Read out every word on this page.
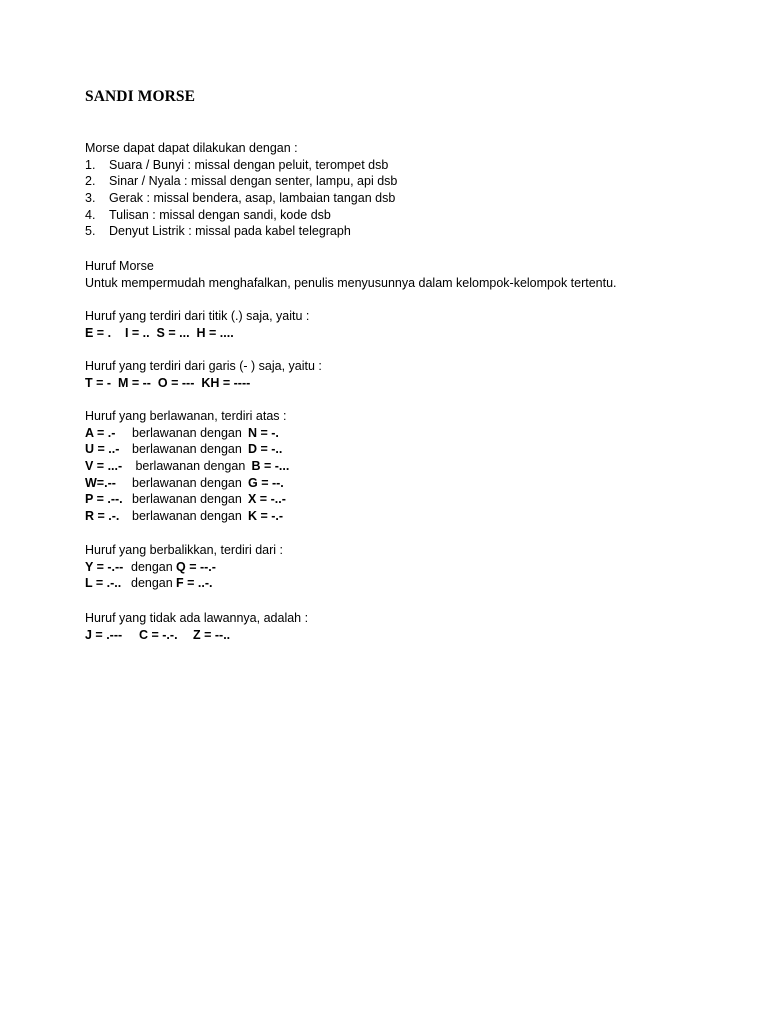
SANDI MORSE
Morse dapat dapat dilakukan dengan :
1.	Suara / Bunyi : missal dengan peluit, terompet dsb
2.	Sinar / Nyala : missal dengan senter, lampu, api dsb
3.	Gerak : missal bendera, asap, lambaian tangan dsb
4.	Tulisan : missal dengan sandi, kode dsb
5.	Denyut Listrik : missal pada kabel telegraph
Huruf Morse
Untuk mempermudah menghafalkan, penulis menyusunnya dalam kelompok-kelompok tertentu.
Huruf yang terdiri dari titik (.) saja, yaitu :
E = .    I = ..  S = ...  H = ....
Huruf yang terdiri dari garis (- ) saja, yaitu :
T = -  M = --  O = ---  KH = ----
Huruf yang berlawanan, terdiri atas :
A = .- berlawanan dengan N = -.
U = ..- berlawanan dengan D = -..
V = ...- berlawanan dengan B = -...
W=.-- berlawanan dengan G = --.
P = .--. berlawanan dengan X = -..-
R = .-. berlawanan dengan K = -.-
Huruf yang berbalikkan, terdiri dari :
Y = -.-- dengan Q = --.-
L = .-.. dengan F = ..-.
Huruf yang tidak ada lawannya, adalah :
J = .--- C = -.-. Z = --..
